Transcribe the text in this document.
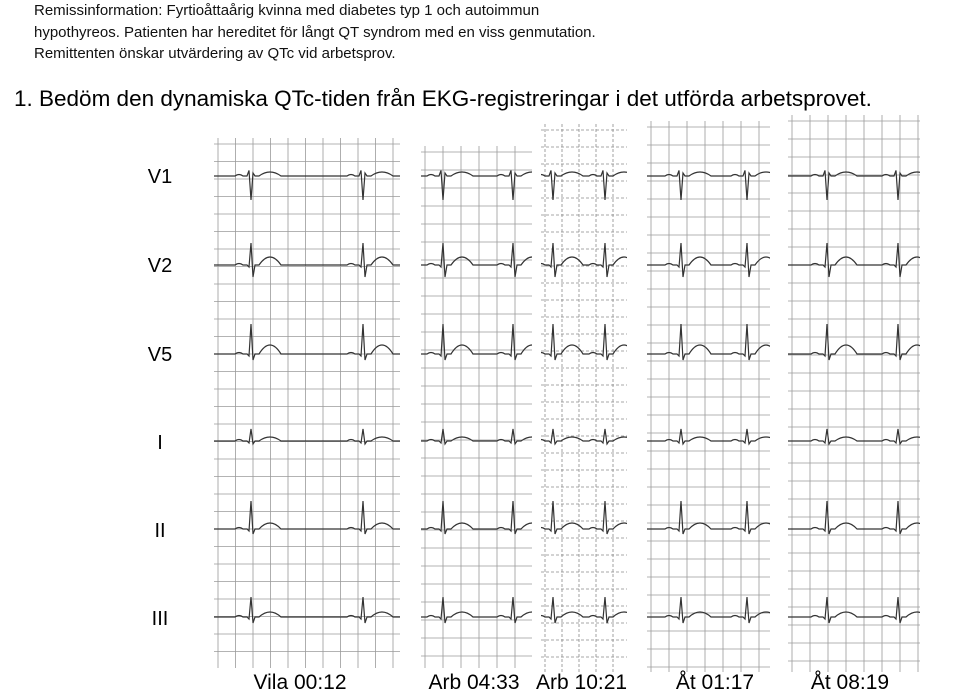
Remissinformation: Fyrtioåttaårig kvinna med diabetes typ 1 och autoimmun
hypothyreos. Patienten har hereditet för långt QT syndrom med en viss genmutation.
Remittenten önskar utvärdering av QTc vid arbetsprov.
1. Bedöm den dynamiska QTc-tiden från EKG-registreringar i det utförda arbetsprovet.
V1
V2
V5
I
II
III
Vila 00:12	Arb 04:33 Arb 10:21	Åt 01:17	Åt 08:19
